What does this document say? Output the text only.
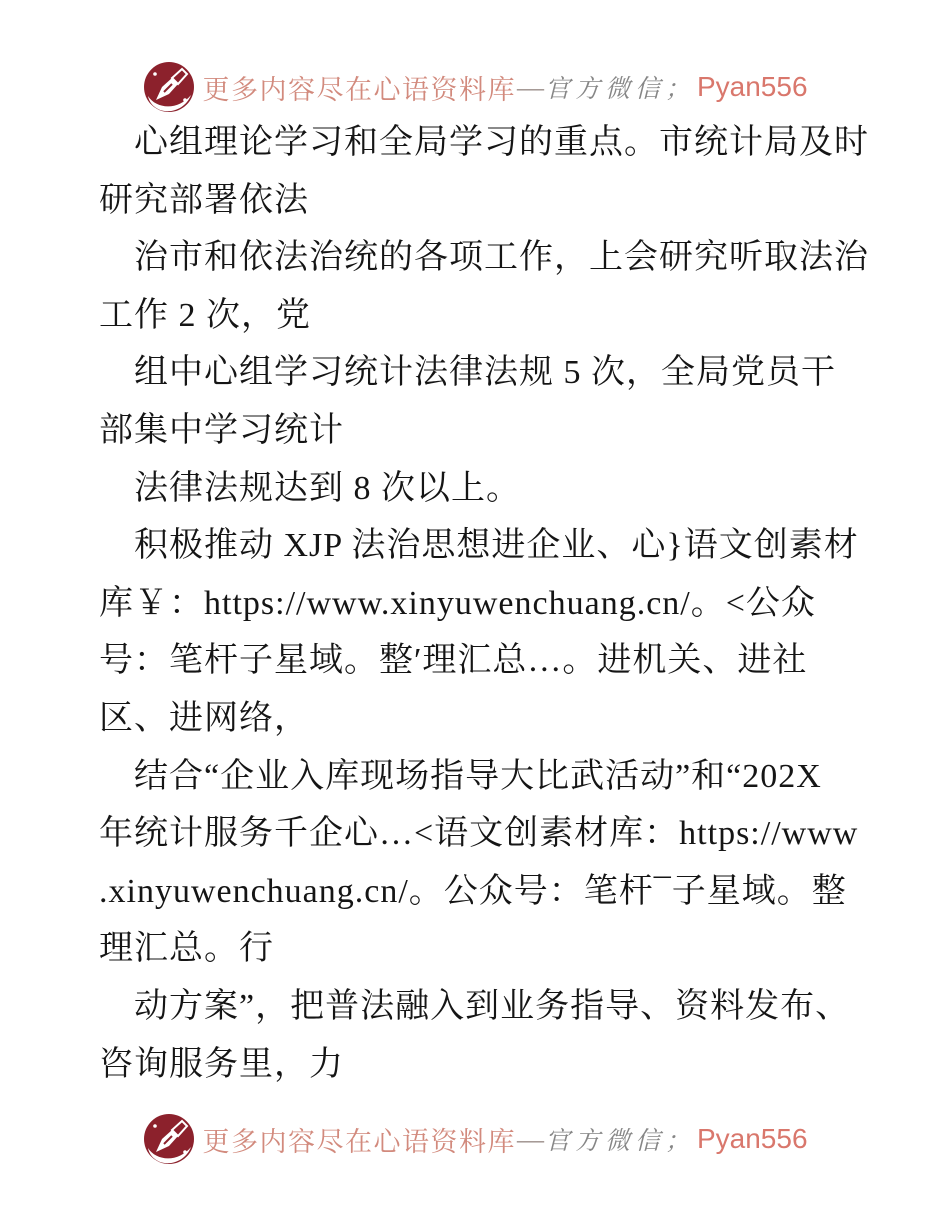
更多内容尽在心语资料库 — 官方微信； Pyan556
心组理论学习和全局学习的重点。市统计局及时
研究部署依法
治市和依法治统的各项工作，上会研究听取法治
工作 2 次，党
组中心组学习统计法律法规 5 次，全局党员干
部集中学习统计
法律法规达到 8 次以上。
积极推动 XJP 法治思想进企业、心}语文创素材
库￥：https://www.xinyuwenchuang.cn/。<公众
号：笔杆子星域。整′理汇总…。进机关、进社
区、进网络，
结合“企业入库现场指导大比武活动”和“202X
年统计服务千企心…<语文创素材库：https://www
.xinyuwenchuang.cn/。公众号：笔杆¯子星域。整
理汇总。行
动方案”，把普法融入到业务指导、资料发布、
咨询服务里，力
更多内容尽在心语资料库 — 官方微信； Pyan556
